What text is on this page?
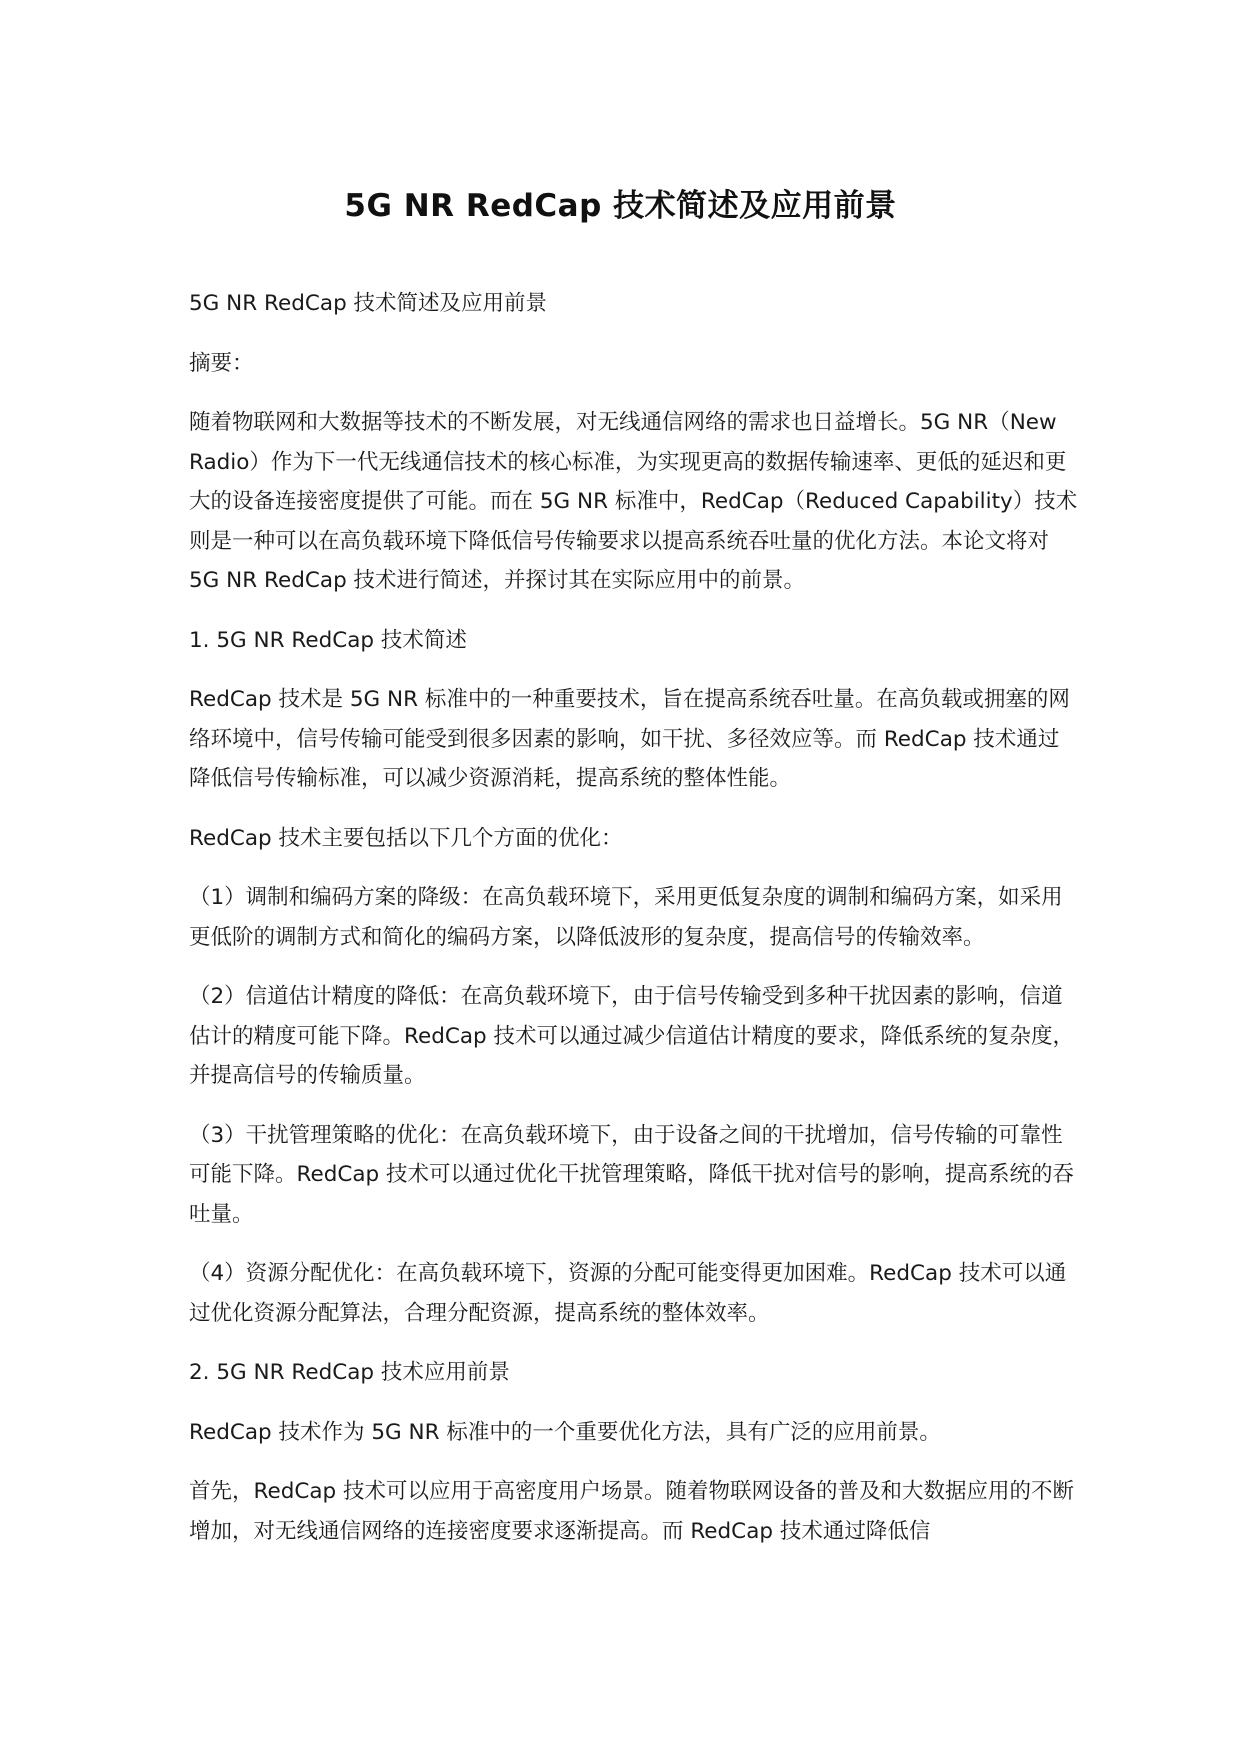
5G NR RedCap 技术简述及应用前景

5G NR RedCap 技术简述及应用前景

摘要：

随着物联网和大数据等技术的不断发展，对无线通信网络的需求也日益增长。5G NR（New Radio）作为下一代无线通信技术的核心标准，为实现更高的数据传输速率、更低的延迟和更大的设备连接密度提供了可能。而在 5G NR 标准中，RedCap（Reduced Capability）技术则是一种可以在高负载环境下降低信号传输要求以提高系统吞吐量的优化方法。本论文将对 5G NR RedCap 技术进行简述，并探讨其在实际应用中的前景。

1. 5G NR RedCap 技术简述

RedCap 技术是 5G NR 标准中的一种重要技术，旨在提高系统吞吐量。在高负载或拥塞的网络环境中，信号传输可能受到很多因素的影响，如干扰、多径效应等。而 RedCap 技术通过降低信号传输标准，可以减少资源消耗，提高系统的整体性能。

RedCap 技术主要包括以下几个方面的优化：

（1）调制和编码方案的降级：在高负载环境下，采用更低复杂度的调制和编码方案，如采用更低阶的调制方式和简化的编码方案，以降低波形的复杂度，提高信号的传输效率。

（2）信道估计精度的降低：在高负载环境下，由于信号传输受到多种干扰因素的影响，信道估计的精度可能下降。RedCap 技术可以通过减少信道估计精度的要求，降低系统的复杂度，并提高信号的传输质量。

（3）干扰管理策略的优化：在高负载环境下，由于设备之间的干扰增加，信号传输的可靠性可能下降。RedCap 技术可以通过优化干扰管理策略，降低干扰对信号的影响，提高系统的吞吐量。

（4）资源分配优化：在高负载环境下，资源的分配可能变得更加困难。RedCap 技术可以通过优化资源分配算法，合理分配资源，提高系统的整体效率。

2. 5G NR RedCap 技术应用前景

RedCap 技术作为 5G NR 标准中的一个重要优化方法，具有广泛的应用前景。

首先，RedCap 技术可以应用于高密度用户场景。随着物联网设备的普及和大数据应用的不断增加，对无线通信网络的连接密度要求逐渐提高。而 RedCap 技术通过降低信
